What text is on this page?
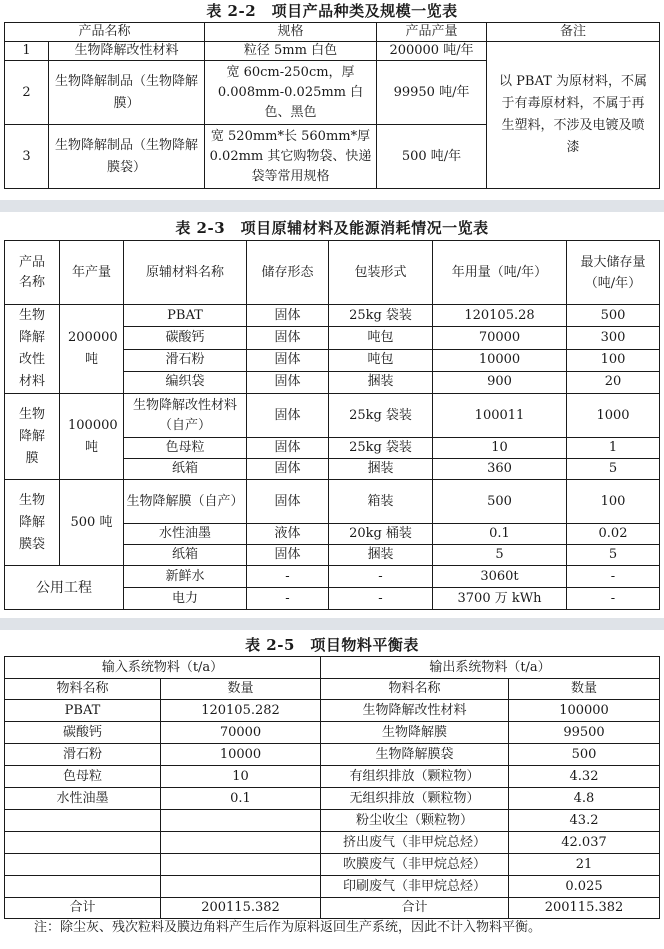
表 2-2　项目产品种类及规模一览表
产品名称		规格	产品产量	备注
1	生物降解改性材料	粒径 5mm 白色	200000 吨/年	以 PBAT 为原材料，不属于有毒原材料，不属于再生塑料，不涉及电镀及喷漆
2	生物降解制品（生物降解膜）	宽 60cm-250cm，厚 0.008mm-0.025mm 白色、黑色	99950 吨/年	
3	生物降解制品（生物降解膜袋）	宽 520mm*长 560mm*厚 0.02mm 其它购物袋、快递袋等常用规格	500 吨/年	
表 2-3　项目原辅材料及能源消耗情况一览表
产品名称	年产量	原辅材料名称	储存形态	包装形式	年用量（吨/年）	最大储存量（吨/年）
生物降解改性材料	200000 吨	PBAT	固体	25kg 袋装	120105.28	500
		碳酸钙	固体	吨包	70000	300
		滑石粉	固体	吨包	10000	100
		编织袋	固体	捆装	900	20
生物降解膜	100000 吨	生物降解改性材料（自产）	固体	25kg 袋装	100011	1000
		色母粒	固体	25kg 袋装	10	1
		纸箱	固体	捆装	360	5
生物降解膜袋	500 吨	生物降解膜（自产）	固体	箱装	500	100
		水性油墨	液体	20kg 桶装	0.1	0.02
		纸箱	固体	捆装	5	5
公用工程		新鲜水	-	-	3060t	-
		电力	-	-	3700 万 kWh	-
表 2-5　项目物料平衡表
输入系统物料（t/a）		输出系统物料（t/a）	
物料名称	数量	物料名称	数量
PBAT	120105.282	生物降解改性材料	100000
碳酸钙	70000	生物降解膜	99500
滑石粉	10000	生物降解膜袋	500
色母粒	10	有组织排放（颗粒物）	4.32
水性油墨	0.1	无组织排放（颗粒物）	4.8
		粉尘收尘（颗粒物）	43.2
		挤出废气（非甲烷总烃）	42.037
		吹膜废气（非甲烷总烃）	21
		印刷废气（非甲烷总烃）	0.025
合计	200115.382	合计	200115.382
注：除尘灰、残次粒料及膜边角料产生后作为原料返回生产系统，因此不计入物料平衡。
